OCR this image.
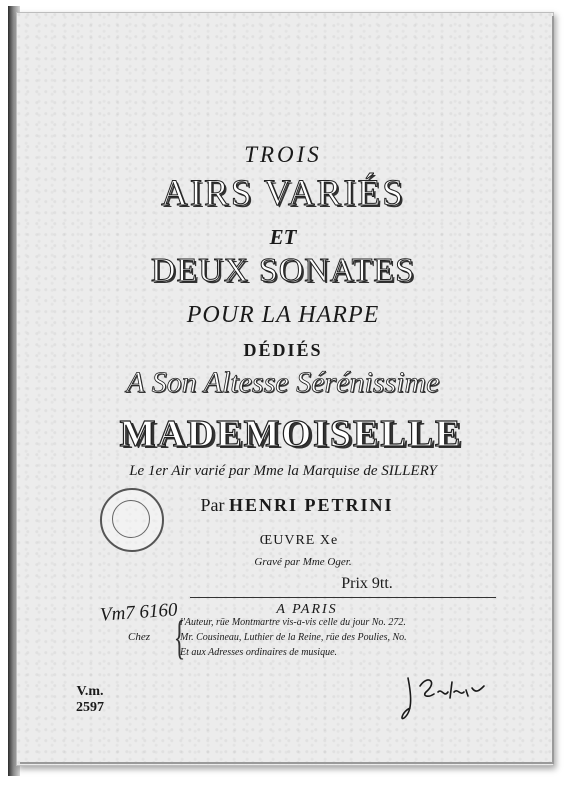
TROIS
AIRS VARIÉS
ET
DEUX SONATES
POUR LA HARPE
DÉDIÉS
A Son Altesse Sérénissime
MADEMOISELLE
Le 1er Air varié par Mme la Marquise de SILLERY
Par HENRI PETRINI
ŒUVRE Xe
Gravé par Mme Oger.
Prix 9tt.
A PARIS
Chez {
l'Auteur, rüe Montmartre vis-a-vis celle du jour No. 272.
Mr. Cousineau, Luthier de la Reine, rüe des Poulies, No.
Et aux Adresses ordinaires de musique.
Vm7 6160
V.m.
2597
